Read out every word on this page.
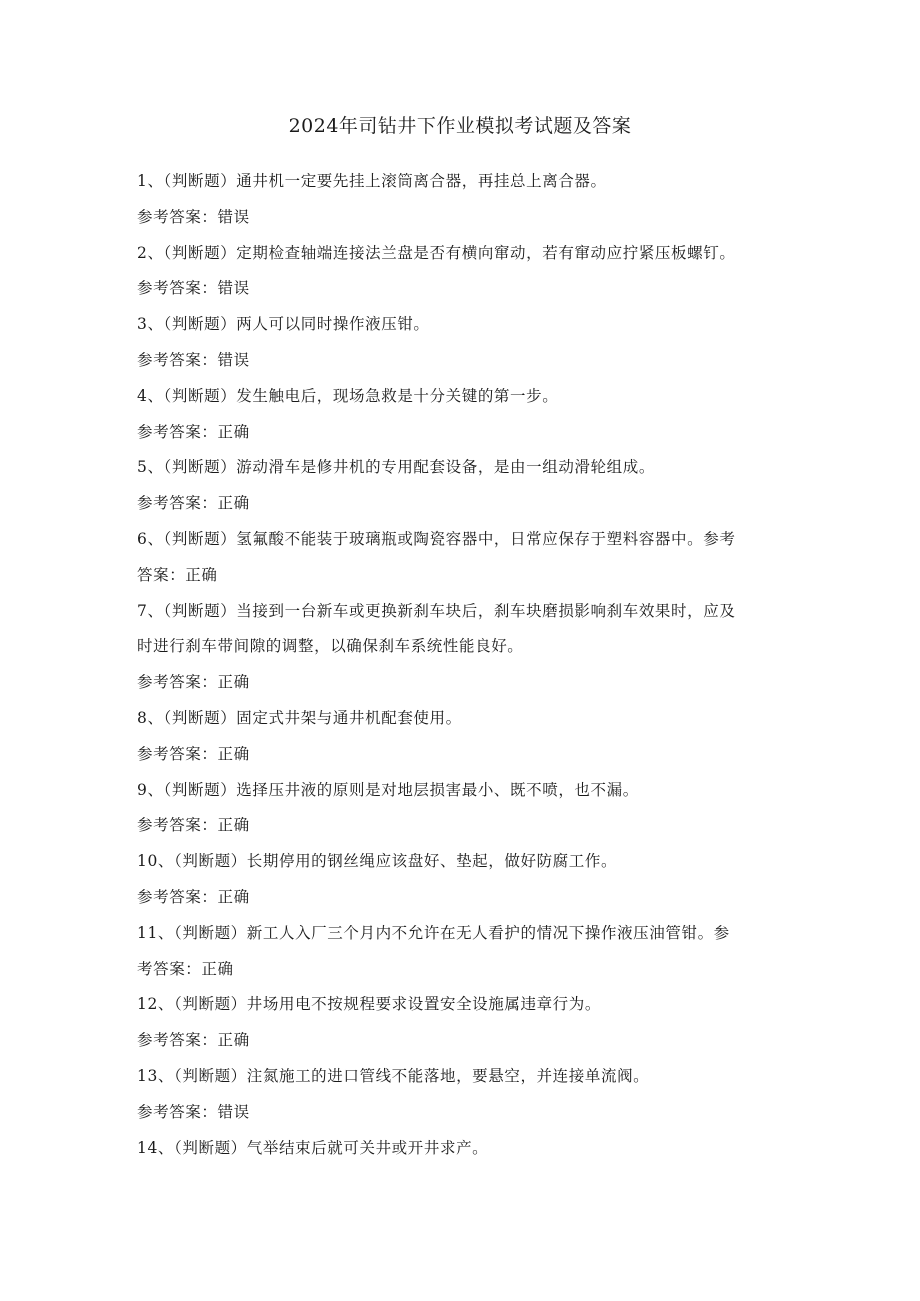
2024年司钻井下作业模拟考试题及答案
1、（判断题）通井机一定要先挂上滚筒离合器，再挂总上离合器。
参考答案：错误
2、（判断题）定期检查轴端连接法兰盘是否有横向窜动，若有窜动应拧紧压板螺钉。
参考答案：错误
3、（判断题）两人可以同时操作液压钳。
参考答案：错误
4、（判断题）发生触电后，现场急救是十分关键的第一步。
参考答案：正确
5、（判断题）游动滑车是修井机的专用配套设备，是由一组动滑轮组成。
参考答案：正确
6、（判断题）氢氟酸不能装于玻璃瓶或陶瓷容器中，日常应保存于塑料容器中。参考
答案：正确
7、（判断题）当接到一台新车或更换新刹车块后，刹车块磨损影响刹车效果时，应及
时进行刹车带间隙的调整，以确保刹车系统性能良好。
参考答案：正确
8、（判断题）固定式井架与通井机配套使用。
参考答案：正确
9、（判断题）选择压井液的原则是对地层损害最小、既不喷，也不漏。
参考答案：正确
10、（判断题）长期停用的钢丝绳应该盘好、垫起，做好防腐工作。
参考答案：正确
11、（判断题）新工人入厂三个月内不允许在无人看护的情况下操作液压油管钳。参
考答案：正确
12、（判断题）井场用电不按规程要求设置安全设施属违章行为。
参考答案：正确
13、（判断题）注氮施工的进口管线不能落地，要悬空，并连接单流阀。
参考答案：错误
14、（判断题）气举结束后就可关井或开井求产。
